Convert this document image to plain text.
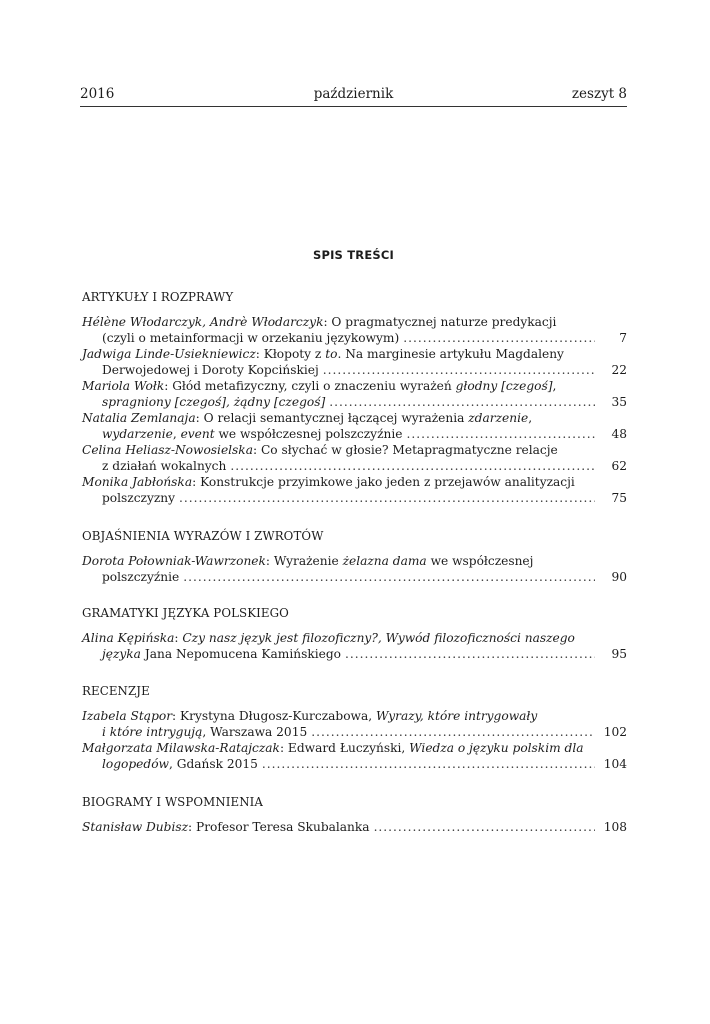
2016	październik	zeszyt 8
SPIS TREŚCI
ARTYKUŁY I ROZPRAWY
Hélène Włodarczyk, Andrè Włodarczyk: O pragmatycznej naturze predykacji
(czyli o metainformacji w orzekaniu językowym) .....	7
Jadwiga Linde-Usiekniewicz: Kłopoty z to. Na marginesie artykułu Magdaleny
Derwojedowej i Doroty Kopcińskiej .....	22
Mariola Wołk: Głód metafizyczny, czyli o znaczeniu wyrażeń głodny [czegoś],
spragniony [czegoś], żądny [czegoś] .....	35
Natalia Zemlanaja: O relacji semantycznej łączącej wyrażenia zdarzenie,
wydarzenie, event we współczesnej polszczyźnie .....	48
Celina Heliasz-Nowosielska: Co słychać w głosie? Metapragmatyczne relacje
z działań wokalnych .....	62
Monika Jabłońska: Konstrukcje przyimkowe jako jeden z przejawów analityzacji
polszczyzny .....	75
OBJAŚNIENIA WYRAZÓW I ZWROTÓW
Dorota Połowniak-Wawrzonek: Wyrażenie żelazna dama we współczesnej
polszczyźnie .....	90
GRAMATYKI JĘZYKA POLSKIEGO
Alina Kępińska: Czy nasz język jest filozoficzny?, Wywód filozoficzności naszego
języka Jana Nepomucena Kamińskiego .....	95
RECENZJE
Izabela Stąpor: Krystyna Długosz-Kurczabowa, Wyrazy, które intrygowały
i które intrygują, Warszawa 2015 .....	102
Małgorzata Milawska-Ratajczak: Edward Łuczyński, Wiedza o języku polskim dla
logopedów, Gdańsk 2015 .....	104
BIOGRAMY I WSPOMNIENIA
Stanisław Dubisz: Profesor Teresa Skubalanka .....	108
